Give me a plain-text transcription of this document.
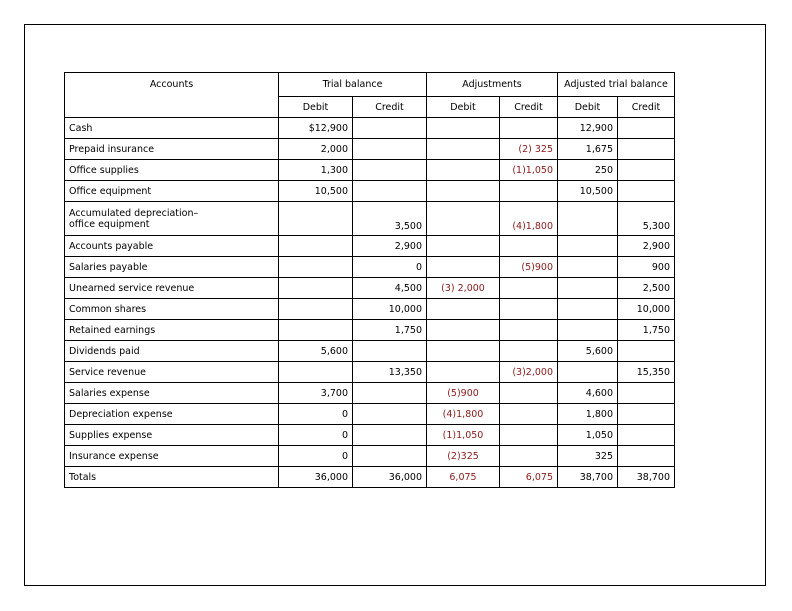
Accounts	Trial balance		Adjustments		Adjusted trial balance	
	Debit	Credit	Debit	Credit	Debit	Credit
Cash	$12,900				12,900	
Prepaid insurance	2,000			(2) 325	1,675	
Office supplies	1,300			(1)1,050	250	
Office equipment	10,500				10,500	
Accumulated depreciation–
office equipment		3,500		(4)1,800		5,300
Accounts payable		2,900				2,900
Salaries payable		0		(5)900		900
Unearned service revenue		4,500	(3) 2,000			2,500
Common shares		10,000				10,000
Retained earnings		1,750				1,750
Dividends paid	5,600				5,600	
Service revenue		13,350		(3)2,000		15,350
Salaries expense	3,700		(5)900		4,600	
Depreciation expense	0		(4)1,800		1,800	
Supplies expense	0		(1)1,050		1,050	
Insurance expense	0		(2)325		325	
Totals	36,000	36,000	6,075	6,075	38,700	38,700
